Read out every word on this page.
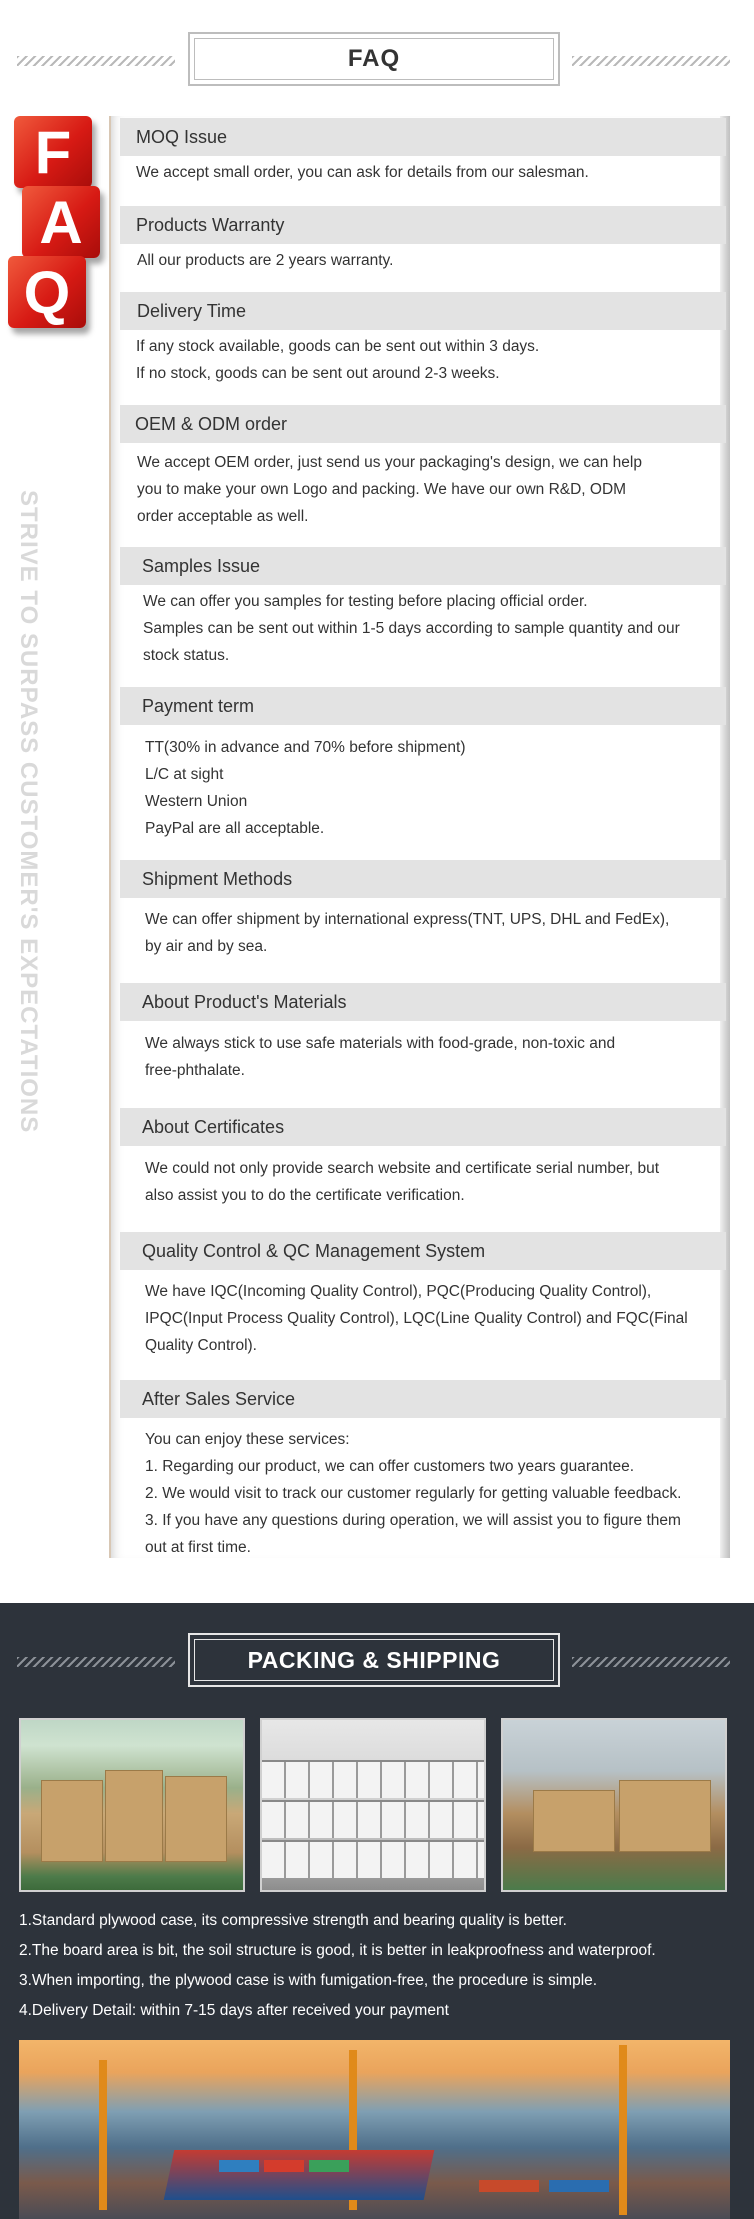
FAQ
F
A
Q
STRIVE TO SURPASS CUSTOMER'S EXPECTATIONS
MOQ Issue
We accept small order, you can ask for details from our salesman.
Products Warranty
All our products are 2 years warranty.
Delivery Time
If any stock available, goods can be sent out within 3 days.
If no stock, goods can be sent out around 2-3 weeks.
OEM & ODM order
We accept OEM order, just send us your packaging's design, we can help
you to make your own Logo and packing. We have our own R&D, ODM
order acceptable as well.
Samples Issue
We can offer you samples for testing before placing official order.
Samples can be sent out within 1-5 days according to sample quantity and our
stock status.
Payment term
TT(30% in advance and 70% before shipment)
L/C at sight
Western Union
PayPal are all acceptable.
Shipment Methods
We can offer shipment by international express(TNT, UPS, DHL and FedEx),
by air and by sea.
About Product's Materials
We always stick to use safe materials with food-grade, non-toxic and
free-phthalate.
About Certificates
We could not only provide search website and certificate serial number, but
also assist you to do the certificate verification.
Quality Control & QC Management System
We have IQC(Incoming Quality Control), PQC(Producing Quality Control),
IPQC(Input Process Quality Control), LQC(Line Quality Control) and FQC(Final
Quality Control).
After Sales Service
You can enjoy these services:
1. Regarding our product, we can offer customers two years guarantee.
2. We would visit to track our customer regularly for getting valuable feedback.
3. If you have any questions during operation, we will assist you to figure them
out at first time.
PACKING & SHIPPING
1.Standard plywood case, its compressive strength and bearing quality is better.
2.The board area is bit, the soil structure is good, it is better in leakproofness and waterproof.
3.When importing, the plywood case is with fumigation-free, the procedure is simple.
4.Delivery Detail: within 7-15 days after received your payment
